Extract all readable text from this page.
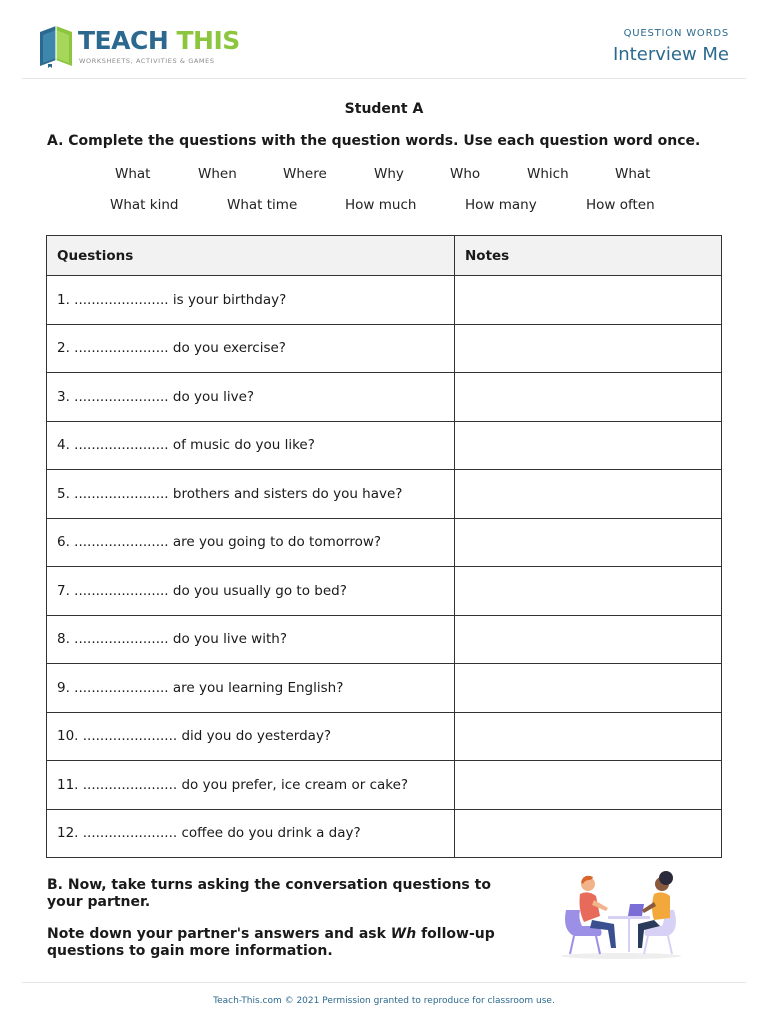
TEACH THIS
WORKSHEETS, ACTIVITIES & GAMES
QUESTION WORDS
Interview Me
Student A
A. Complete the questions with the question words. Use each question word once.
What	When	Where	Why	Who	Which	What
What kind	What time	How much	How many	How often
Questions	Notes
1. ...................... is your birthday?	
2. ...................... do you exercise?	
3. ...................... do you live?	
4. ...................... of music do you like?	
5. ...................... brothers and sisters do you have?	
6. ...................... are you going to do tomorrow?	
7. ...................... do you usually go to bed?	
8. ...................... do you live with?	
9. ...................... are you learning English?	
10. ...................... did you do yesterday?	
11. ...................... do you prefer, ice cream or cake?	
12. ...................... coffee do you drink a day?	

B. Now, take turns asking the conversation questions to your partner.

Note down your partner's answers and ask Wh follow-up questions to gain more information.

Teach-This.com © 2021 Permission granted to reproduce for classroom use.
